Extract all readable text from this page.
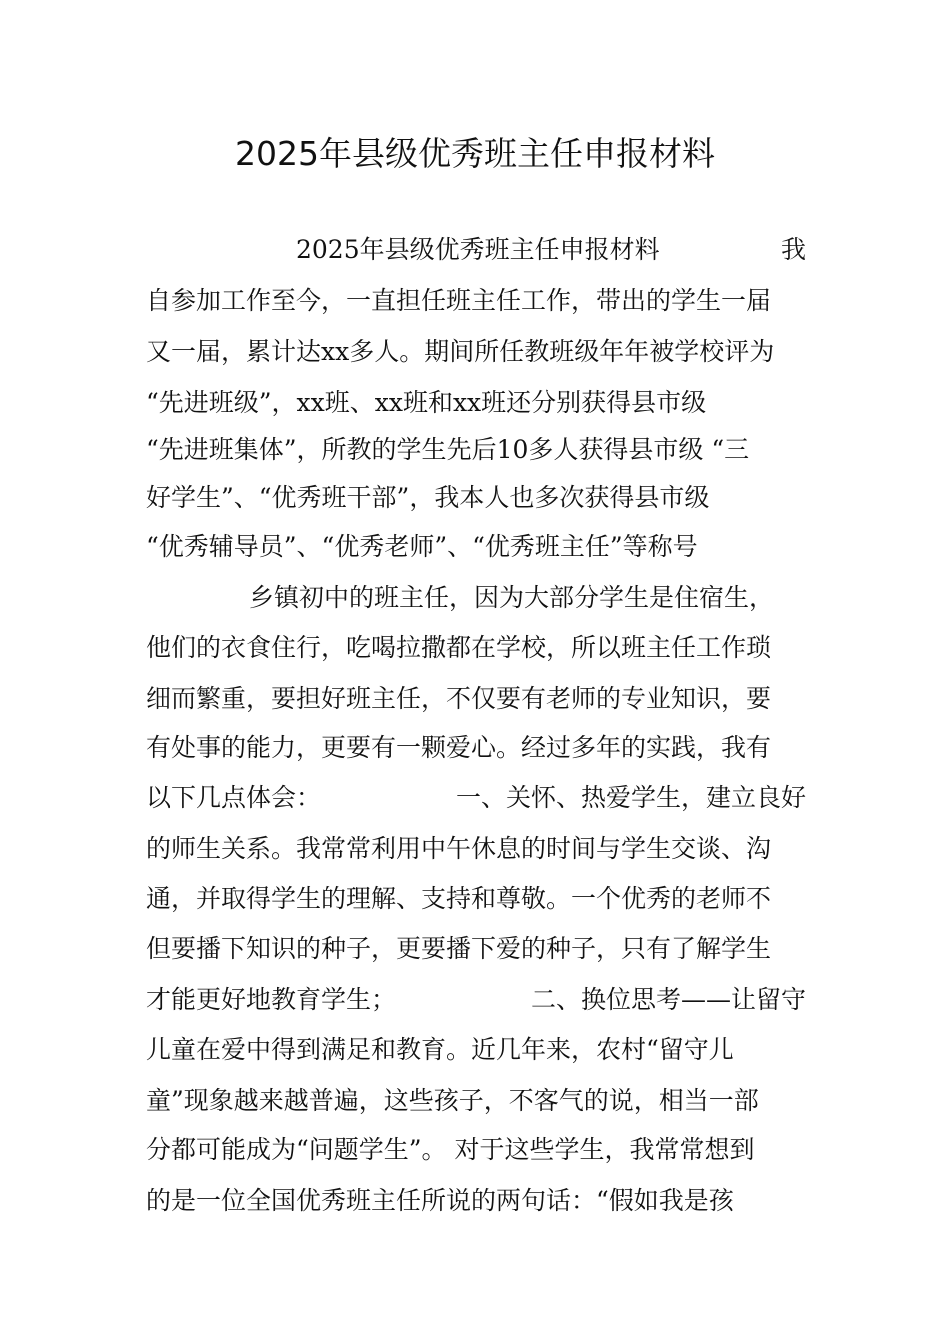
2025年县级优秀班主任申报材料
2025年县级优秀班主任申报材料	我
自参加工作至今，一直担任班主任工作，带出的学生一届
又一届，累计达xx多人。期间所任教班级年年被学校评为
“先进班级”，xx班、xx班和xx班还分别获得县市级
“先进班集体”，所教的学生先后10多人获得县市级 “三
好学生”、“优秀班干部”，我本人也多次获得县市级
“优秀辅导员”、“优秀老师”、“优秀班主任”等称号
乡镇初中的班主任，因为大部分学生是住宿生，
他们的衣食住行，吃喝拉撒都在学校，所以班主任工作琐
细而繁重，要担好班主任，不仅要有老师的专业知识，要
有处事的能力，更要有一颗爱心。经过多年的实践，我有
以下几点体会：	一、关怀、热爱学生，建立良好
的师生关系。我常常利用中午休息的时间与学生交谈、沟
通，并取得学生的理解、支持和尊敬。一个优秀的老师不
但要播下知识的种子，更要播下爱的种子，只有了解学生
才能更好地教育学生；	二、换位思考——让留守
儿童在爱中得到满足和教育。近几年来，农村“留守儿
童”现象越来越普遍，这些孩子，不客气的说，相当一部
分都可能成为“问题学生”。 对于这些学生，我常常想到
的是一位全国优秀班主任所说的两句话：“假如我是孩
